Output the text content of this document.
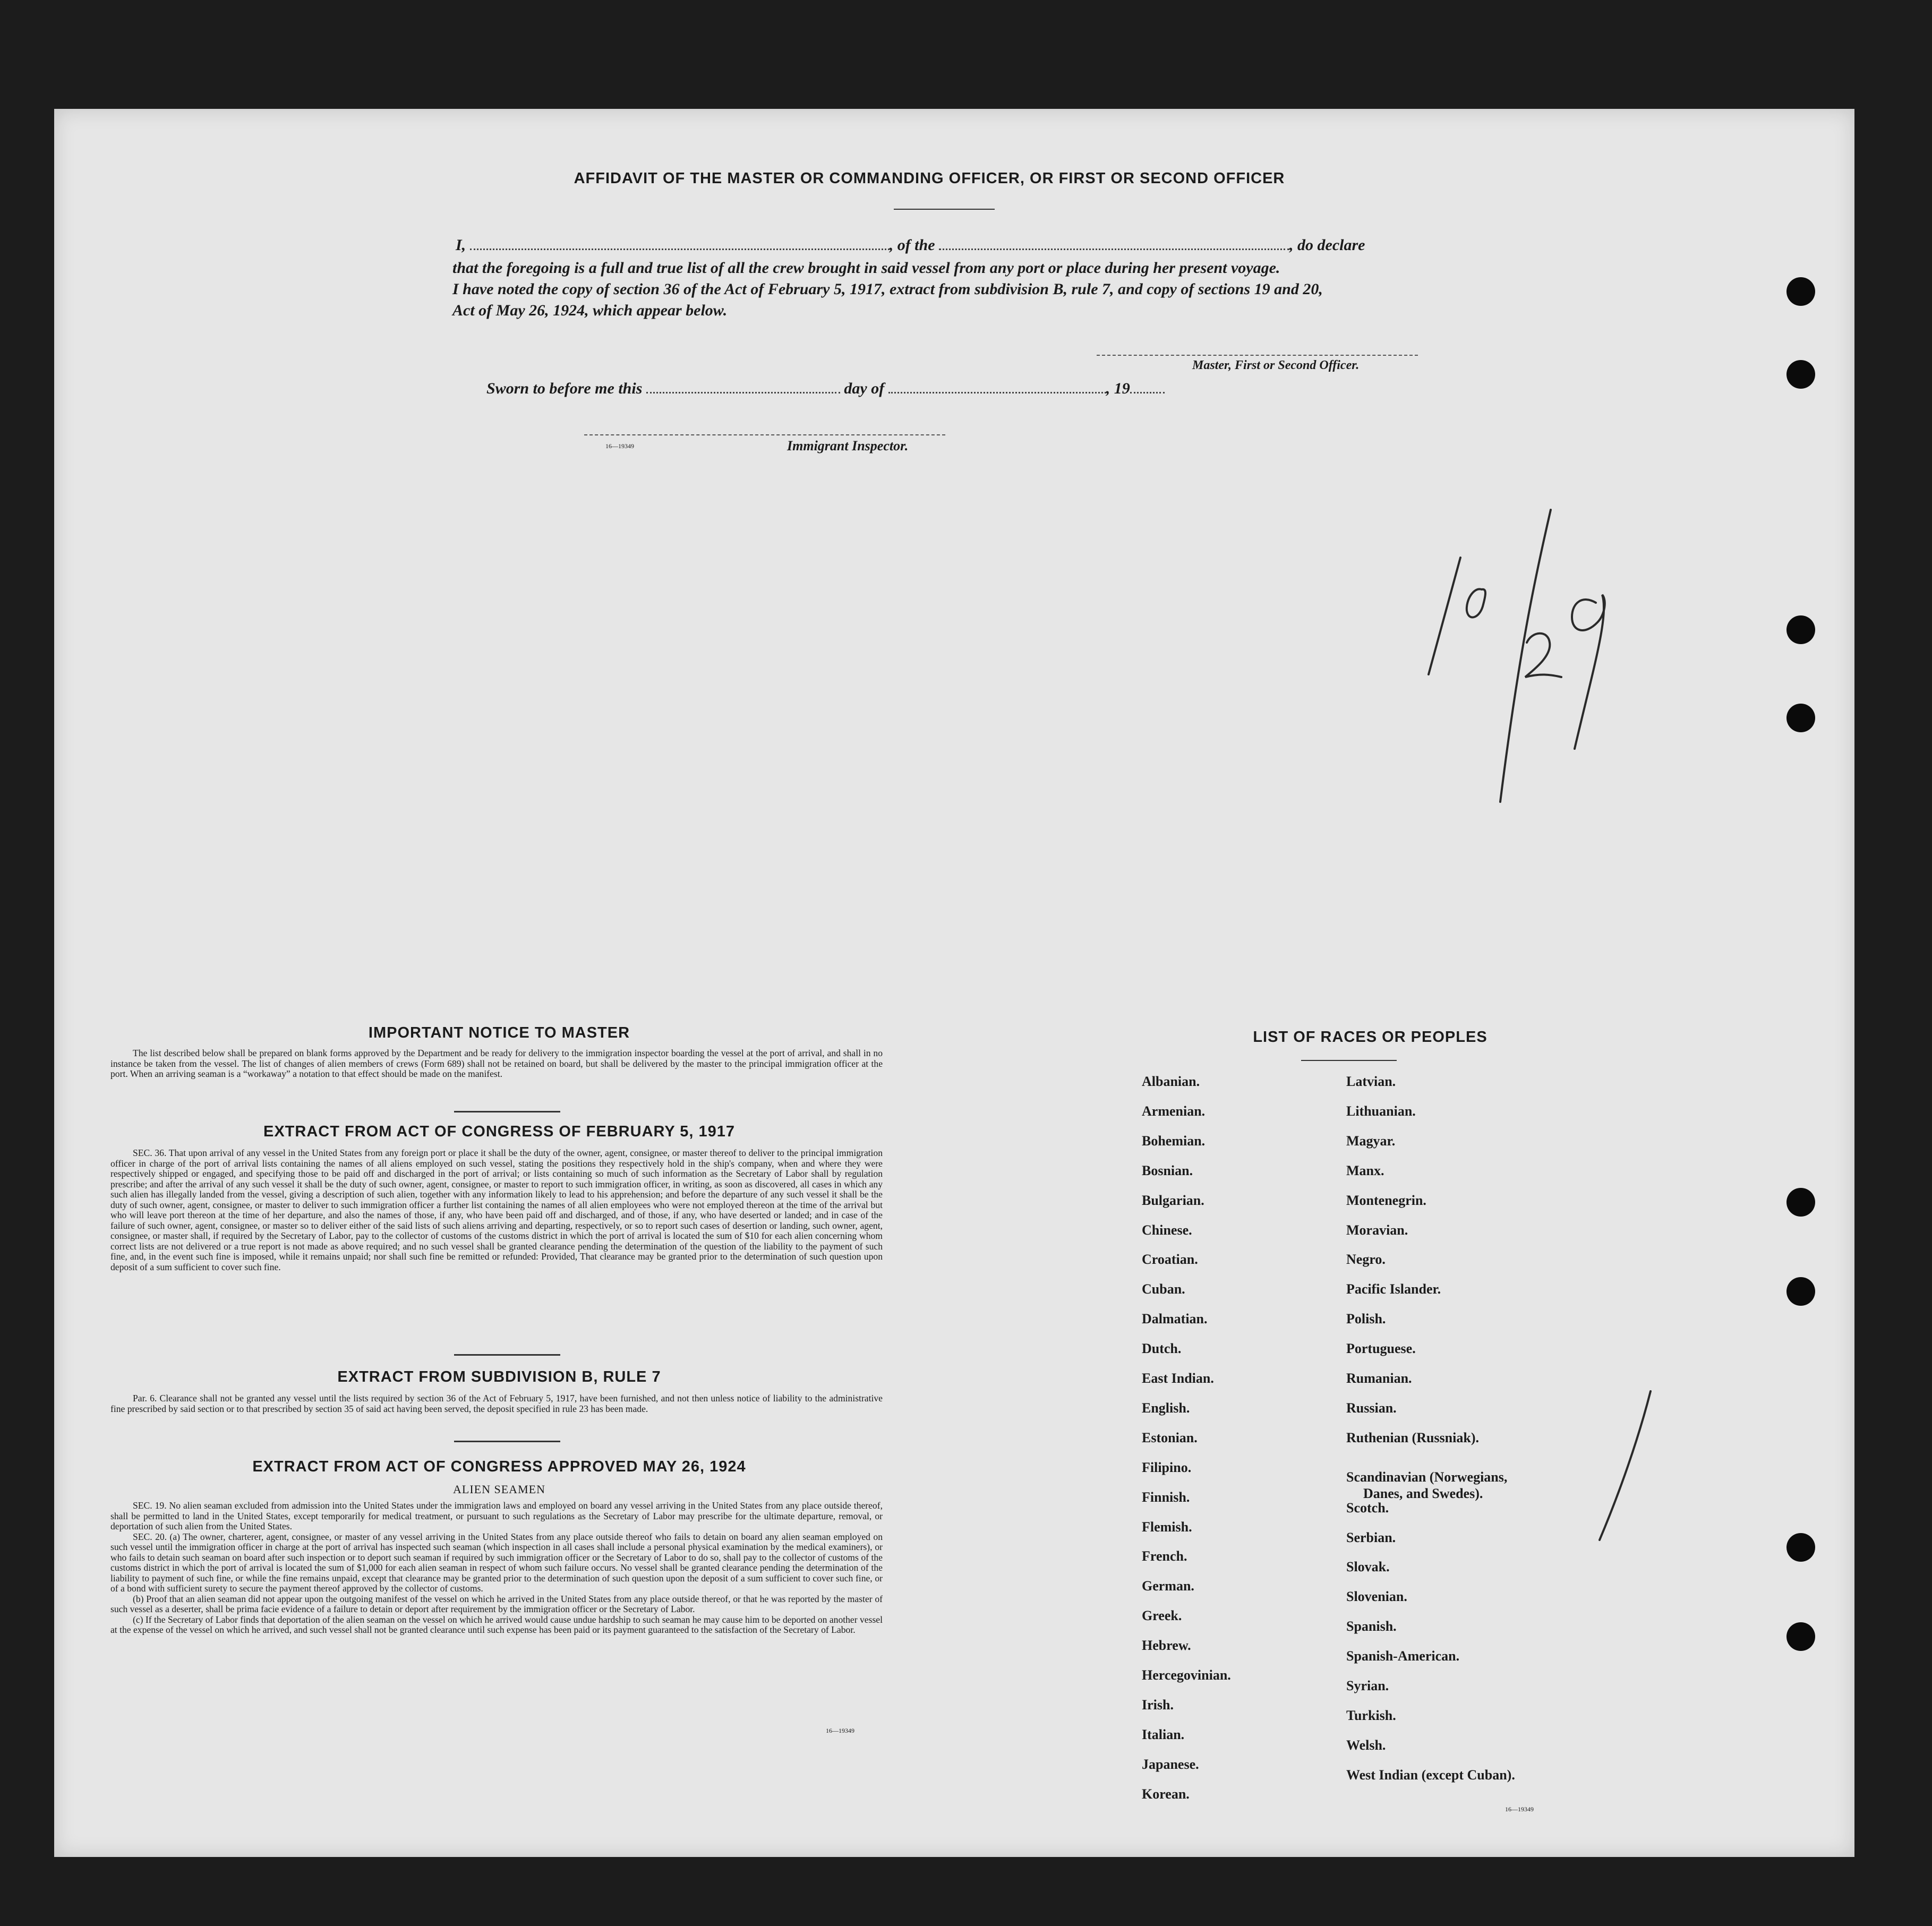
AFFIDAVIT OF THE MASTER OR COMMANDING OFFICER, OR FIRST OR SECOND OFFICER
I,	, of the	, do declare
that the foregoing is a full and true list of all the crew brought in said vessel from any port or place during her present voyage.
I have noted the copy of section 36 of the Act of February 5, 1917, extract from subdivision B, rule 7, and copy of sections 19 and 20,
Act of May 26, 1924, which appear below.
Master, First or Second Officer.
Sworn to before me this	day of	, 19
16—19349	Immigrant Inspector.
IMPORTANT NOTICE TO MASTER

The list described below shall be prepared on blank forms approved by the Department and be ready for delivery to the immigration inspector boarding the vessel at the port of arrival, and shall in no instance be taken from the vessel. The list of changes of alien members of crews (Form 689) shall not be retained on board, but shall be delivered by the master to the principal immigration officer at the port. When an arriving seaman is a “workaway” a notation to that effect should be made on the manifest.

EXTRACT FROM ACT OF CONGRESS OF FEBRUARY 5, 1917

SEC. 36. That upon arrival of any vessel in the United States from any foreign port or place it shall be the duty of the owner, agent, consignee, or master thereof to deliver to the principal immigration officer in charge of the port of arrival lists containing the names of all aliens employed on such vessel, stating the positions they respectively hold in the ship's company, when and where they were respectively shipped or engaged, and specifying those to be paid off and discharged in the port of arrival; or lists containing so much of such information as the Secretary of Labor shall by regulation prescribe; and after the arrival of any such vessel it shall be the duty of such owner, agent, consignee, or master to report to such immigration officer, in writing, as soon as discovered, all cases in which any such alien has illegally landed from the vessel, giving a description of such alien, together with any information likely to lead to his apprehension; and before the departure of any such vessel it shall be the duty of such owner, agent, consignee, or master to deliver to such immigration officer a further list containing the names of all alien employees who were not employed thereon at the time of the arrival but who will leave port thereon at the time of her departure, and also the names of those, if any, who have been paid off and discharged, and of those, if any, who have deserted or landed; and in case of the failure of such owner, agent, consignee, or master so to deliver either of the said lists of such aliens arriving and departing, respectively, or so to report such cases of desertion or landing, such owner, agent, consignee, or master shall, if required by the Secretary of Labor, pay to the collector of customs of the customs district in which the port of arrival is located the sum of $10 for each alien concerning whom correct lists are not delivered or a true report is not made as above required; and no such vessel shall be granted clearance pending the determination of the question of the liability to the payment of such fine, and, in the event such fine is imposed, while it remains unpaid; nor shall such fine be remitted or refunded: Provided, That clearance may be granted prior to the determination of such question upon deposit of a sum sufficient to cover such fine.

EXTRACT FROM SUBDIVISION B, RULE 7

Par. 6. Clearance shall not be granted any vessel until the lists required by section 36 of the Act of February 5, 1917, have been furnished, and not then unless notice of liability to the administrative fine prescribed by said section or to that prescribed by section 35 of said act having been served, the deposit specified in rule 23 has been made.

EXTRACT FROM ACT OF CONGRESS APPROVED MAY 26, 1924
ALIEN SEAMEN

SEC. 19. No alien seaman excluded from admission into the United States under the immigration laws and employed on board any vessel arriving in the United States from any place outside thereof, shall be permitted to land in the United States, except temporarily for medical treatment, or pursuant to such regulations as the Secretary of Labor may prescribe for the ultimate departure, removal, or deportation of such alien from the United States.

SEC. 20. (a) The owner, charterer, agent, consignee, or master of any vessel arriving in the United States from any place outside thereof who fails to detain on board any alien seaman employed on such vessel until the immigration officer in charge at the port of arrival has inspected such seaman (which inspection in all cases shall include a personal physical examination by the medical examiners), or who fails to detain such seaman on board after such inspection or to deport such seaman if required by such immigration officer or the Secretary of Labor to do so, shall pay to the collector of customs of the customs district in which the port of arrival is located the sum of $1,000 for each alien seaman in respect of whom such failure occurs. No vessel shall be granted clearance pending the determination of the liability to payment of such fine, or while the fine remains unpaid, except that clearance may be granted prior to the determination of such question upon the deposit of a sum sufficient to cover such fine, or of a bond with sufficient surety to secure the payment thereof approved by the collector of customs.

(b) Proof that an alien seaman did not appear upon the outgoing manifest of the vessel on which he arrived in the United States from any place outside thereof, or that he was reported by the master of such vessel as a deserter, shall be prima facie evidence of a failure to detain or deport after requirement by the immigration officer or the Secretary of Labor.

(c) If the Secretary of Labor finds that deportation of the alien seaman on the vessel on which he arrived would cause undue hardship to such seaman he may cause him to be deported on another vessel at the expense of the vessel on which he arrived, and such vessel shall not be granted clearance until such expense has been paid or its payment guaranteed to the satisfaction of the Secretary of Labor.

16—19349
LIST OF RACES OR PEOPLES
Albanian.
Armenian.
Bohemian.
Bosnian.
Bulgarian.
Chinese.
Croatian.
Cuban.
Dalmatian.
Dutch.
East Indian.
English.
Estonian.
Filipino.
Finnish.
Flemish.
French.
German.
Greek.
Hebrew.
Hercegovinian.
Irish.
Italian.
Japanese.
Korean.
Latvian.
Lithuanian.
Magyar.
Manx.
Montenegrin.
Moravian.
Negro.
Pacific Islander.
Polish.
Portuguese.
Rumanian.
Russian.
Ruthenian (Russniak).
Scandinavian (Norwegians,
Danes, and Swedes).
Scotch.
Serbian.
Slovak.
Slovenian.
Spanish.
Spanish-American.
Syrian.
Turkish.
Welsh.
West Indian (except Cuban).
16—19349
